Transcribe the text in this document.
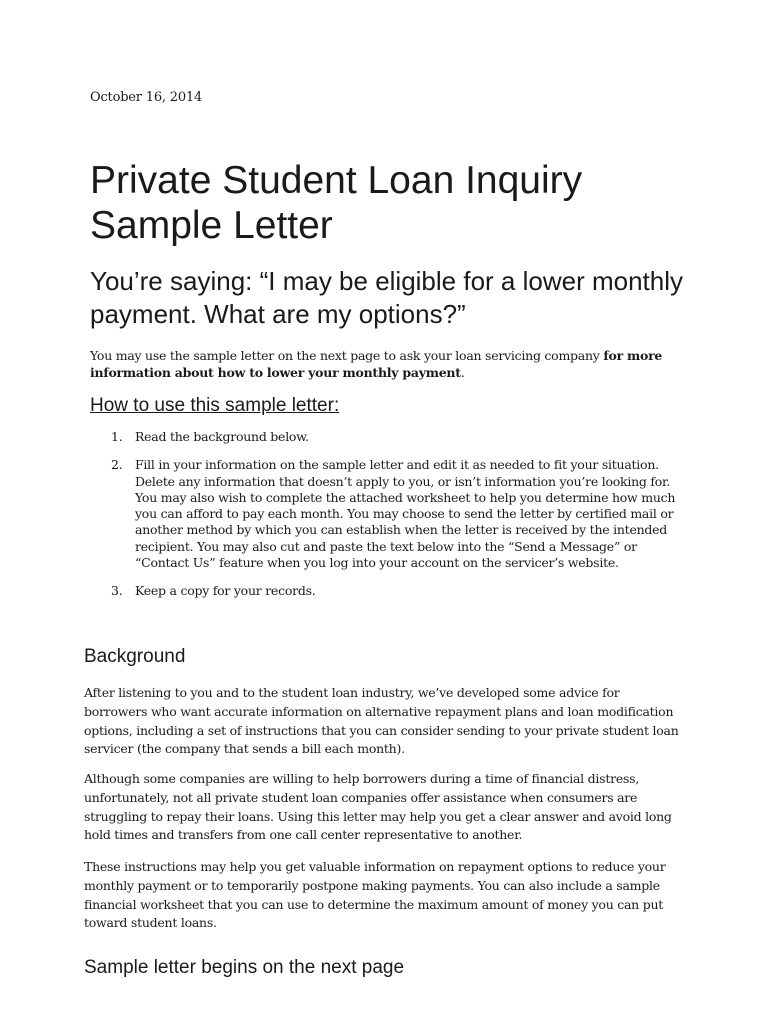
October 16, 2014
Private Student Loan Inquiry Sample Letter
You’re saying: “I may be eligible for a lower monthly payment. What are my options?”

You may use the sample letter on the next page to ask your loan servicing company for more information about how to lower your monthly payment.

How to use this sample letter:
1. Read the background below.
2. Fill in your information on the sample letter and edit it as needed to fit your situation. Delete any information that doesn’t apply to you, or isn’t information you’re looking for. You may also wish to complete the attached worksheet to help you determine how much you can afford to pay each month. You may choose to send the letter by certified mail or another method by which you can establish when the letter is received by the intended recipient. You may also cut and paste the text below into the “Send a Message” or “Contact Us” feature when you log into your account on the servicer’s website.
3. Keep a copy for your records.
Background

After listening to you and to the student loan industry, we’ve developed some advice for borrowers who want accurate information on alternative repayment plans and loan modification options, including a set of instructions that you can consider sending to your private student loan servicer (the company that sends a bill each month).

Although some companies are willing to help borrowers during a time of financial distress, unfortunately, not all private student loan companies offer assistance when consumers are struggling to repay their loans. Using this letter may help you get a clear answer and avoid long hold times and transfers from one call center representative to another.

These instructions may help you get valuable information on repayment options to reduce your monthly payment or to temporarily postpone making payments. You can also include a sample financial worksheet that you can use to determine the maximum amount of money you can put toward student loans.

Sample letter begins on the next page
